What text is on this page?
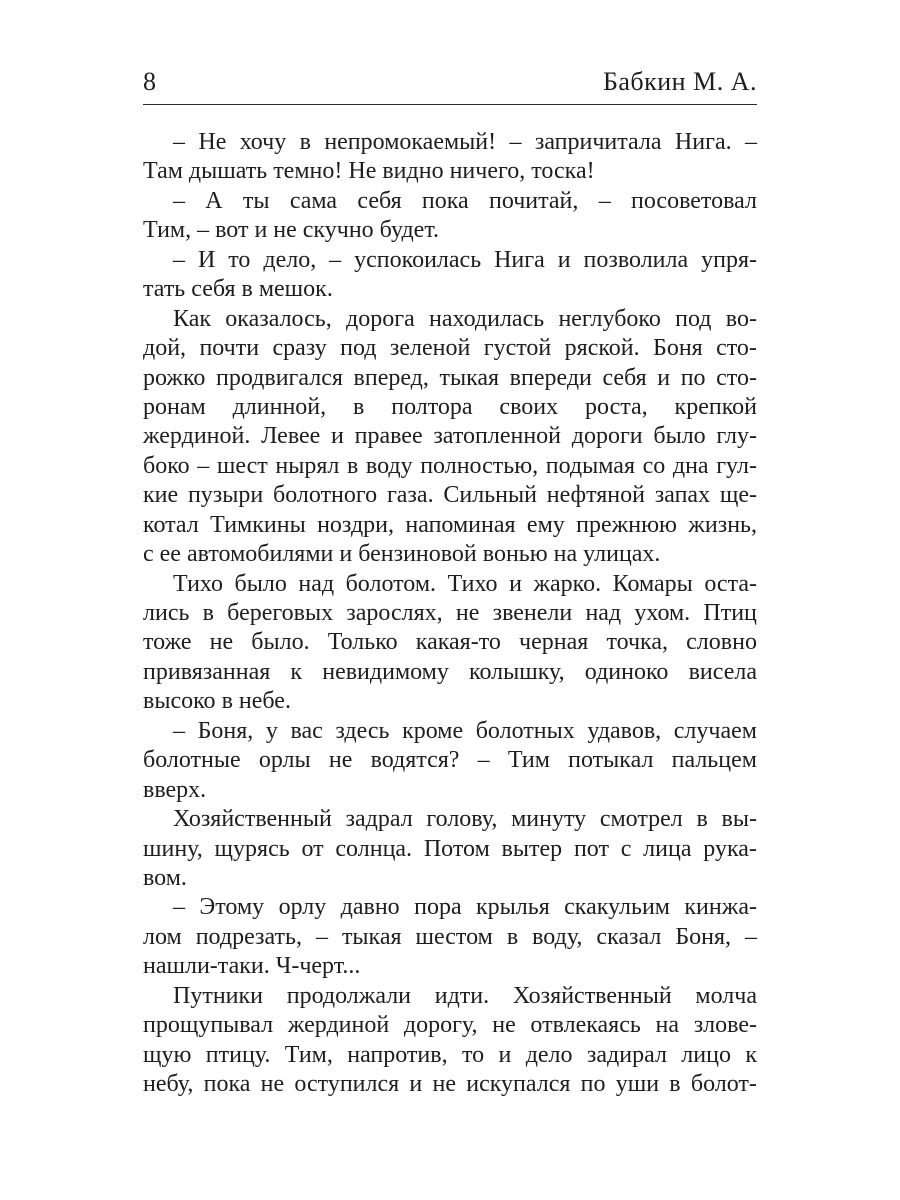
8	Бабкин М. А.
– Не хочу в непромокаемый! – запричитала Нига. –
Там дышать темно! Не видно ничего, тоска!
– А ты сама себя пока почитай, – посоветовал
Тим, – вот и не скучно будет.
– И то дело, – успокоилась Нига и позволила упря-
тать себя в мешок.
Как оказалось, дорога находилась неглубоко под во-
дой, почти сразу под зеленой густой ряской. Боня сто-
рожко продвигался вперед, тыкая впереди себя и по сто-
ронам длинной, в полтора своих роста, крепкой
жердиной. Левее и правее затопленной дороги было глу-
боко – шест нырял в воду полностью, подымая со дна гул-
кие пузыри болотного газа. Сильный нефтяной запах ще-
котал Тимкины ноздри, напоминая ему прежнюю жизнь,
с ее автомобилями и бензиновой вонью на улицах.
Тихо было над болотом. Тихо и жарко. Комары оста-
лись в береговых зарослях, не звенели над ухом. Птиц
тоже не было. Только какая-то черная точка, словно
привязанная к невидимому колышку, одиноко висела
высоко в небе.
– Боня, у вас здесь кроме болотных удавов, случаем
болотные орлы не водятся? – Тим потыкал пальцем
вверх.
Хозяйственный задрал голову, минуту смотрел в вы-
шину, щурясь от солнца. Потом вытер пот с лица рука-
вом.
– Этому орлу давно пора крылья скакульим кинжа-
лом подрезать, – тыкая шестом в воду, сказал Боня, –
нашли-таки. Ч-черт...
Путники продолжали идти. Хозяйственный молча
прощупывал жердиной дорогу, не отвлекаясь на злове-
щую птицу. Тим, напротив, то и дело задирал лицо к
небу, пока не оступился и не искупался по уши в болот-
